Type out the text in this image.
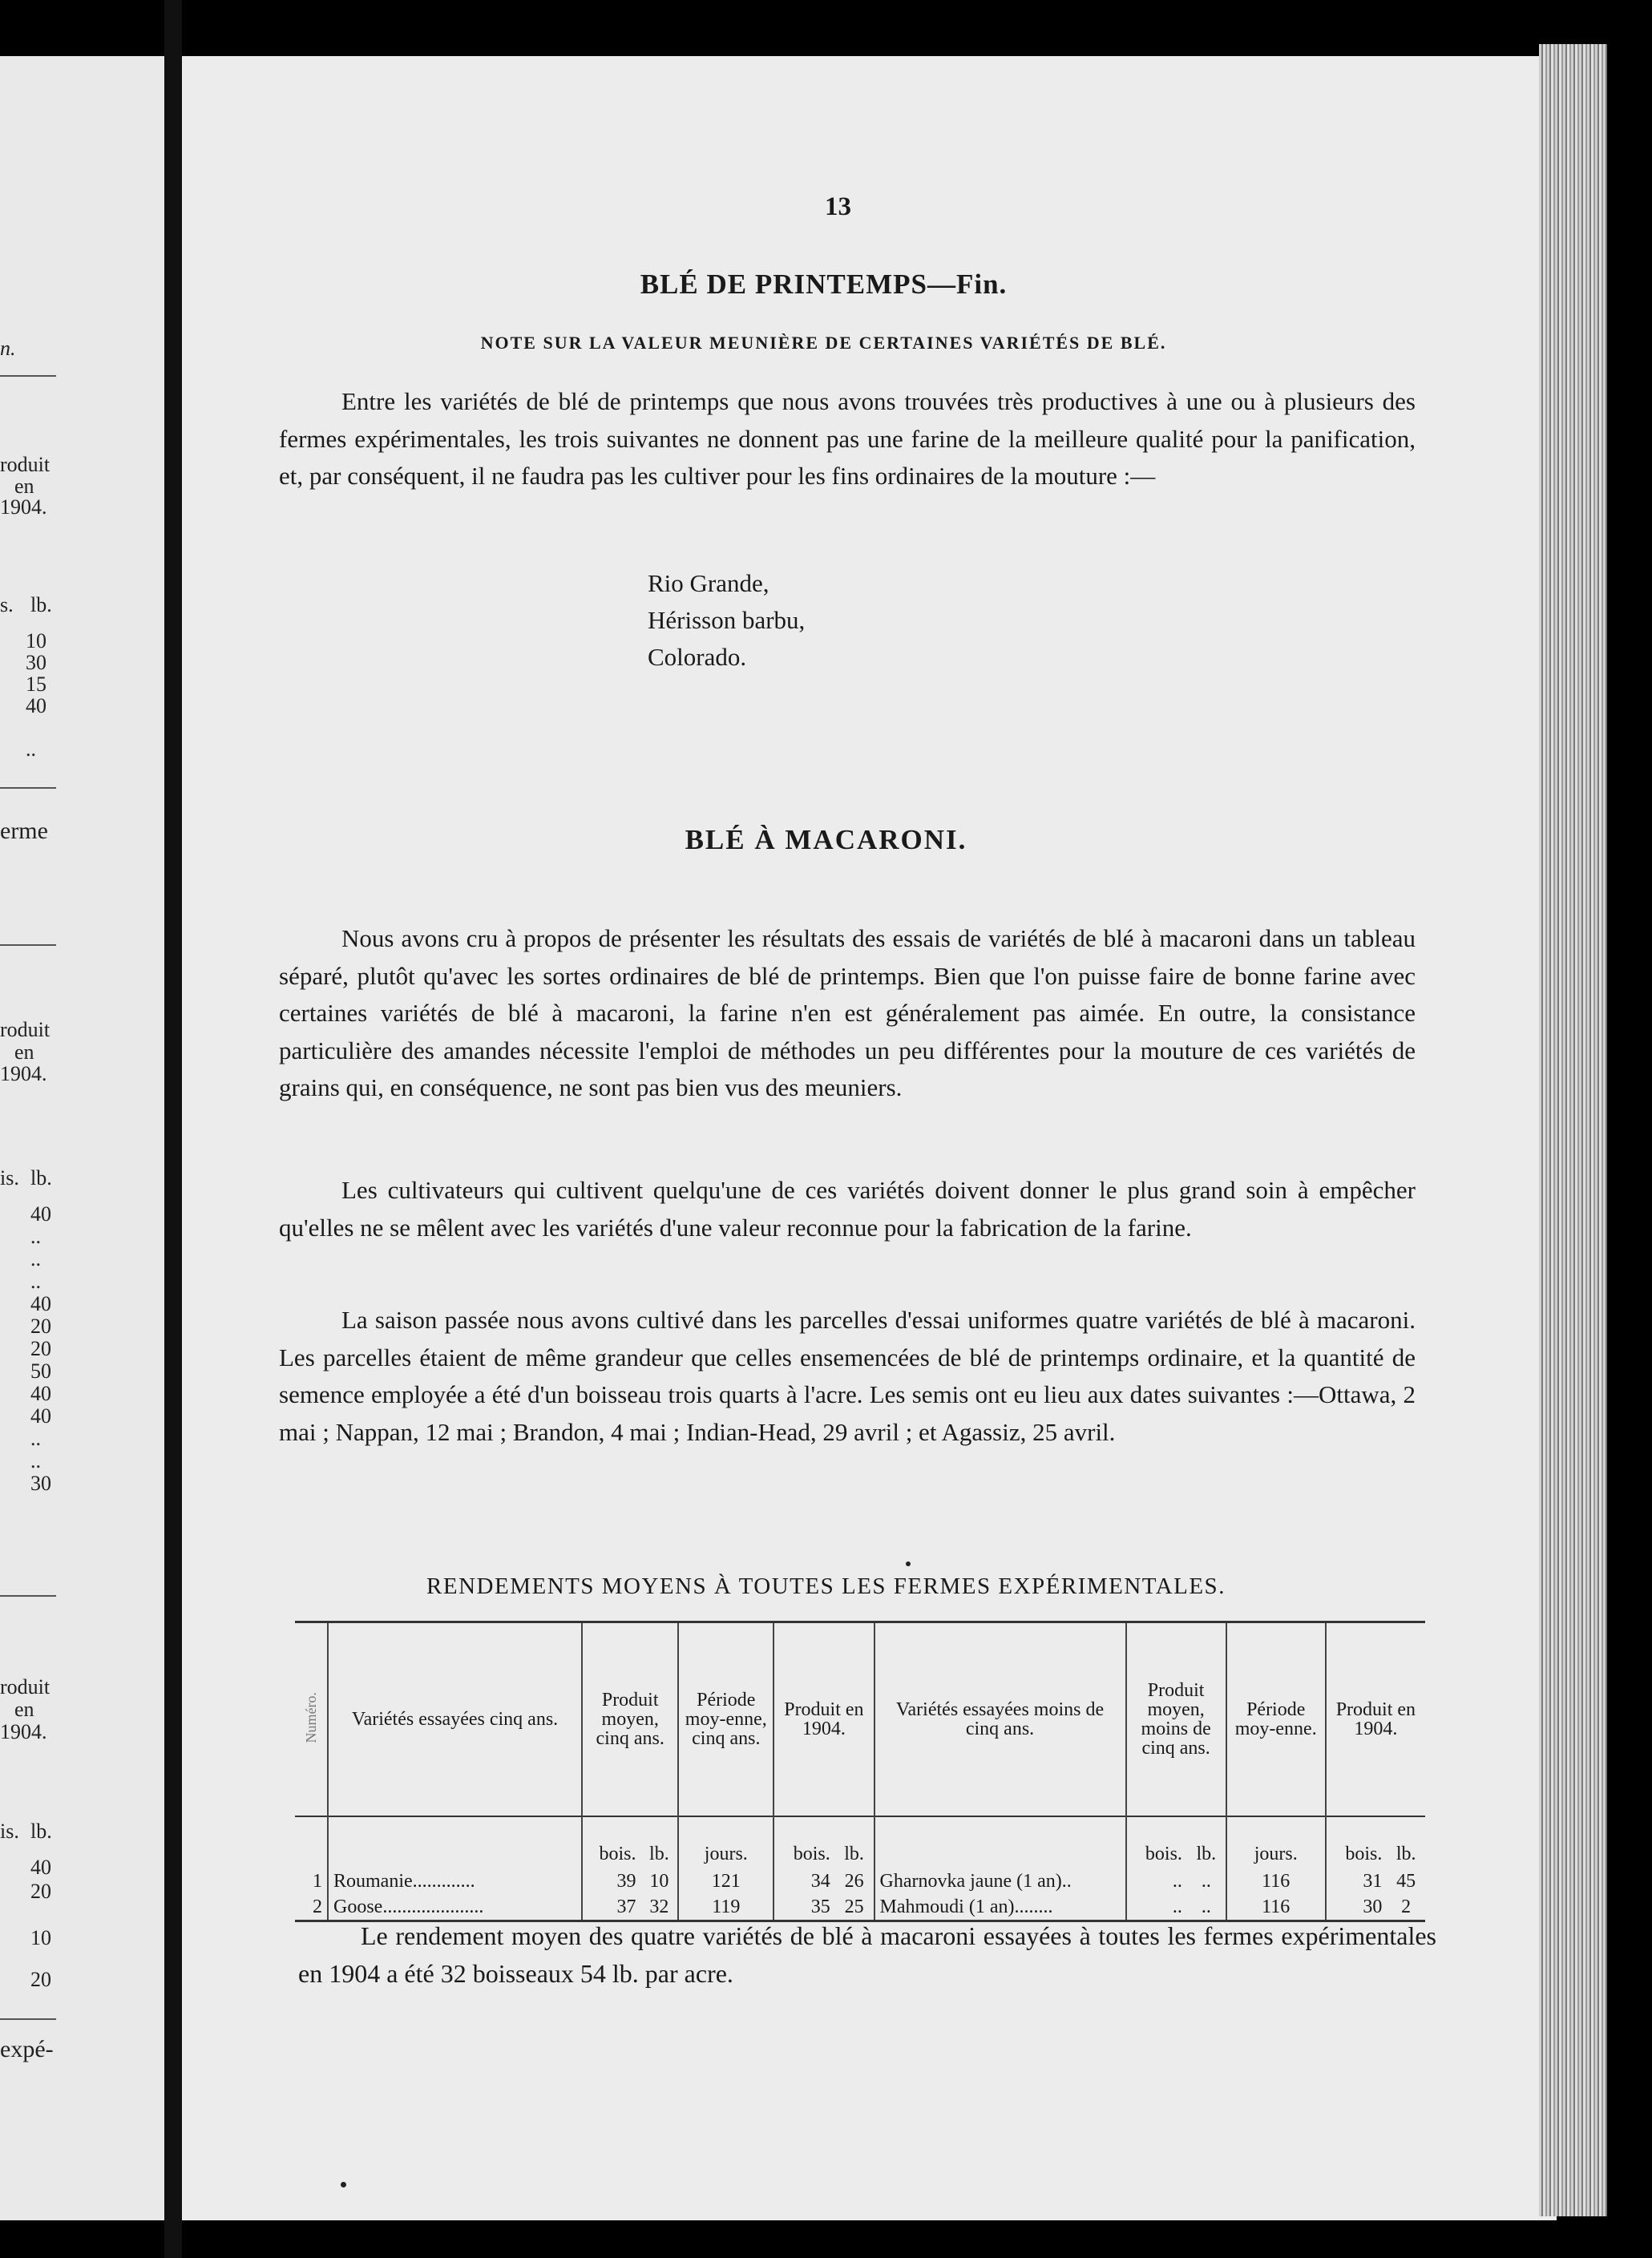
n.
roduit
en
1904.
s. lb.
10
30
15
40
..
erme
roduit
en
1904.
is. lb.
40
..
..
..
40
20
20
50
40
40
..
..
30
roduit
en
1904.
is. lb.
40
20
10
20
expé-
13
BLÉ DE PRINTEMPS—Fin.
NOTE SUR LA VALEUR MEUNIÈRE DE CERTAINES VARIÉTÉS DE BLÉ.

Entre les variétés de blé de printemps que nous avons trouvées très productives à une ou à plusieurs des fermes expérimentales, les trois suivantes ne donnent pas une farine de la meilleure qualité pour la panification, et, par conséquent, il ne faudra pas les cultiver pour les fins ordinaires de la mouture :—

Rio Grande,
Hérisson barbu,
Colorado.
BLÉ À MACARONI.

Nous avons cru à propos de présenter les résultats des essais de variétés de blé à macaroni dans un tableau séparé, plutôt qu'avec les sortes ordinaires de blé de printemps. Bien que l'on puisse faire de bonne farine avec certaines variétés de blé à macaroni, la farine n'en est généralement pas aimée. En outre, la consistance particulière des amandes nécessite l'emploi de méthodes un peu différentes pour la mouture de ces variétés de grains qui, en conséquence, ne sont pas bien vus des meuniers.

Les cultivateurs qui cultivent quelqu'une de ces variétés doivent donner le plus grand soin à empêcher qu'elles ne se mêlent avec les variétés d'une valeur reconnue pour la fabrication de la farine.

La saison passée nous avons cultivé dans les parcelles d'essai uniformes quatre variétés de blé à macaroni. Les parcelles étaient de même grandeur que celles ensemencées de blé de printemps ordinaire, et la quantité de semence employée a été d'un boisseau trois quarts à l'acre. Les semis ont eu lieu aux dates suivantes :—Ottawa, 2 mai ; Nappan, 12 mai ; Brandon, 4 mai ; Indian-Head, 29 avril ; et Agassiz, 25 avril.

RENDEMENTS MOYENS À TOUTES LES FERMES EXPÉRIMENTALES.
Numéro.	Variétés essayées cinq ans.	Produit moyen, cinq ans.		Période moy-enne, cinq ans.	Produit en 1904.		Variétés essayées moins de cinq ans.	Produit moyen, moins de cinq ans.		Période moy-enne.	Produit en 1904.	
		bois.	lb.	jours.	bois.	lb.		bois.	lb.	jours.	bois.	lb.
1	Roumanie.............	39	10	121	34	26	Gharnovka jaune (1 an)..	..	..	116	31	45
2	Goose.....................	37	32	119	35	25	Mahmoudi (1 an)........	..	..	116	30	2

Le rendement moyen des quatre variétés de blé à macaroni essayées à toutes les fermes expérimentales en 1904 a été 32 boisseaux 54 lb. par acre.
